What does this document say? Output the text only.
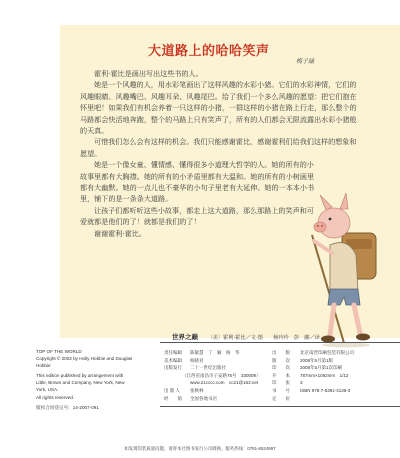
大道路上的哈哈笑声
梅子涵

霍利·霍比是画出写出这些书的人。

她是一个风趣的人，用水彩笔画出了这样风趣的水彩小猪。它们的水彩神情，它们的风趣眼睛、风趣嘴巴、风趣耳朵、风趣尾巴。给了我们一个多么风趣的愿望：把它们抱在怀里吧！如果我们有机会养着一只这样的小猪，一群这样的小猪在路上行走，那么整个的马路都会快活地奔跑，整个的马路上只有笑声了，所有的人们都会无限流露出水彩小猪般的天真。

可惜我们怎么会有这样的机会。我们只能感谢霍比，感谢霍利们给我们这样的想象和愿望。

她是一个像女童、懂情感、懂得很多小道理大哲学的人。她的所有的小故事里都有大胸襟。她的所有的小矛盾里都有大温和。她的所有的小树画里都有大幽默。她的一点儿也不豪华的小句子里老有大延伸。她的一本本小书里，铺下的是一条条大道路。

让孩子们都听听这些小故事，都走上这大道路，那么那路上的笑声和可爱就都是他们的了！就都是我们的了！

谢谢霍利·霍比。

世界之巅 〔美〕霍利·霍比／文·图　　杨玲玲　彭　懿／译
TOP OF THE WORLD
Copyright © 2002 by Holly Hobbie and Douglas
Hobbie
This edition published by arrangement with
Little, Brown and Company, New York, New
York, USA.
All rights reserved.
版权合同登记号：14-2007-091
责任编辑 陈敏慧　丁　颖　杨　华	出　　版 北京南营印刷包装有限公司
美术编辑 杨晓君	版　　次 2008年5月第1版
出版发行 二十一世纪出版社	印　　次 2008年5月第1次印刷
（江西省南昌市子安路75号　330009）	开　　本 787mm×1092mm　1/12
www.21cccc.com　cc21@163.net	印　　张 3
出 版 人 张秋林	书　　号 ISBN 978-7-5391-4136-3
经　　销 全国各地书店	定　　价
如发现印装质量问题，请寄本社图书发行公司调换。服务热线：0791-6524997
